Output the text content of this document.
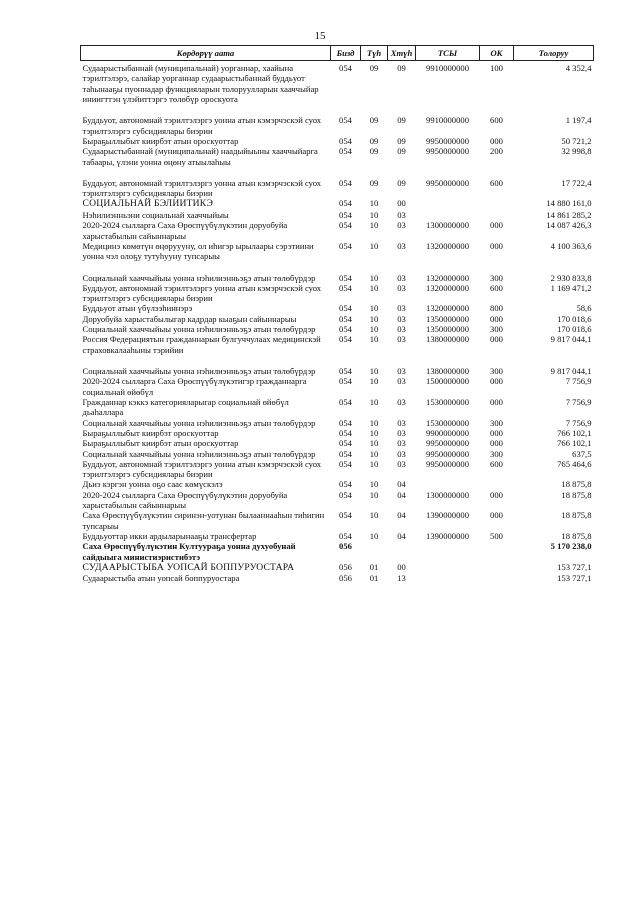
15
Көрдөрүү аата	Бизд	Түһ	Хтүһ	ТСЫ	ОК	Толоруу
Судаарыстыбаннай (муниципальнай) уорганнар, хаайына тэрилтэлэрэ, салайар уорганнар судаарыстыбаннай буддьуот таһынааҕы пуоннадар функцияларын толоруулларын хааччыйар иниигттэн үлэйиттэргэ төлөбүр ороскуота	054	09	09	9910000000	100	4 352,4
Буддьуот, автономнай тэрилтэлэргэ уонна атын кэмэрчэскэй суох тэрилтэлэргэ субсидиялары биэрии	054	09	09	9910000000	600	1 197,4
Быраҕыллыбыт киирбэт атын ороскуоттар	054	09	09	9950000000	000	50 721,2
Судаарыстыбаннай (муниципальнай) наадыйыыны хааччыйарга табаары, үлэни уонна өңөну атыылаһыы	054	09	09	9950000000	200	32 998,8
Буддьуот, автономнай тэрилтэлэргэ уонна атын кэмэрчэскэй суох тэрилтэлэргэ субсидиялары биэрии	054	09	09	9950000000	600	17 722,4
СОЦИАЛЬНАЙ БЭЛИИТИКЭ	054	10	00			14 880 161,0
Нэһилиэнньэни социальнай хааччыйыы	054	10	03			14 861 285,2
2020-2024 сылларга Саха Өрөспүүбүлүкэтин доруобуйа харыстабылын сайыннарыы	054	10	03	1300000000	000	14 087 426,3
Медицинэ көмөтүн өңөруууну, ол иһигэр ырылаары сэрэтиини уонна чэл олоҕу тутуһууну тупсарыы	054	10	03	1320000000	000	4 100 363,6
Социальнай хааччыйыы уонна нэһилиэнньэҕэ атын төлөбүрдэр	054	10	03	1320000000	300	2 930 833,8
Буддьуот, автономнай тэрилтэлэргэ уонна атын кэмэрчэскэй суох тэрилтэлэргэ субсидиялары биэрии	054	10	03	1320000000	600	1 169 471,2
Буддьуот атын үбүлээһиннэрэ	054	10	03	1320000000	800	58,6
Доруобуйа харыстабылыгар кадрдар кыаҕын сайыннарыы	054	10	03	1350000000	000	170 018,6
Социальнай хааччыйыы уонна нэһилиэнньэҕэ атын төлөбүрдэр	054	10	03	1350000000	300	170 018,6
Россия Федерациятын гражданнарын булгуччулаах медицинскэй страховкалааһыны тэрийии	054	10	03	1380000000	000	9 817 044,1
Социальнай хааччыйыы уонна нэһилиэнньэҕэ атын төлөбүрдэр	054	10	03	1380000000	300	9 817 044,1
2020-2024 сылларга Саха Өрөспүүбүлүкэтигэр гражданнарга социальнай өйөбүл	054	10	03	1500000000	000	7 756,9
Гражданнар кэккэ категорияларыгар социальнай өйөбүл дьаһаллара	054	10	03	1530000000	000	7 756,9
Социальнай хааччыйыы уонна нэһилиэнньэҕэ атын төлөбүрдэр	054	10	03	1530000000	300	7 756,9
Быраҕыллыбыт киирбэт ороскуоттар	054	10	03	9900000000	000	766 102,1
Быраҕыллыбыт киирбэт атын ороскуоттар	054	10	03	9950000000	000	766 102,1
Социальнай хааччыйыы уонна нэһилиэнньэҕэ атын төлөбүрдэр	054	10	03	9950000000	300	637,5
Буддьуот, автономнай тэрилтэлэргэ уонна атын кэмэрчэскэй суох тэрилтэлэргэ субсидиялары биэрии	054	10	03	9950000000	600	765 464,6
Дьиэ кэргэн уонна оҕо саас көмүскэлэ	054	10	04			18 875,8
2020-2024 сылларга Саха Өрөспүүбүлүкэтин доруобуйа харыстабылын сайыннарыы	054	10	04	1300000000	000	18 875,8
Саха Өрөспүүбүлүкэтин сиринэн-уотунан былааннааһын тиһигин тупсарыы	054	10	04	1390000000	000	18 875,8
Буддьуоттар икки ардыларынааҕы трансфертар	054	10	04	1390000000	500	18 875,8
Саха Өрөспүүбүлүкэтин Култуураҕа уонна духуобунай сайдыыга министиэристибэтэ	056					5 170 238,0
СУДААРЫСТЫБА УОПСАЙ БОППУРУОСТАРА	056	01	00			153 727,1
Судаарыстыба атын уопсай боппуруостара	056	01	13			153 727,1
